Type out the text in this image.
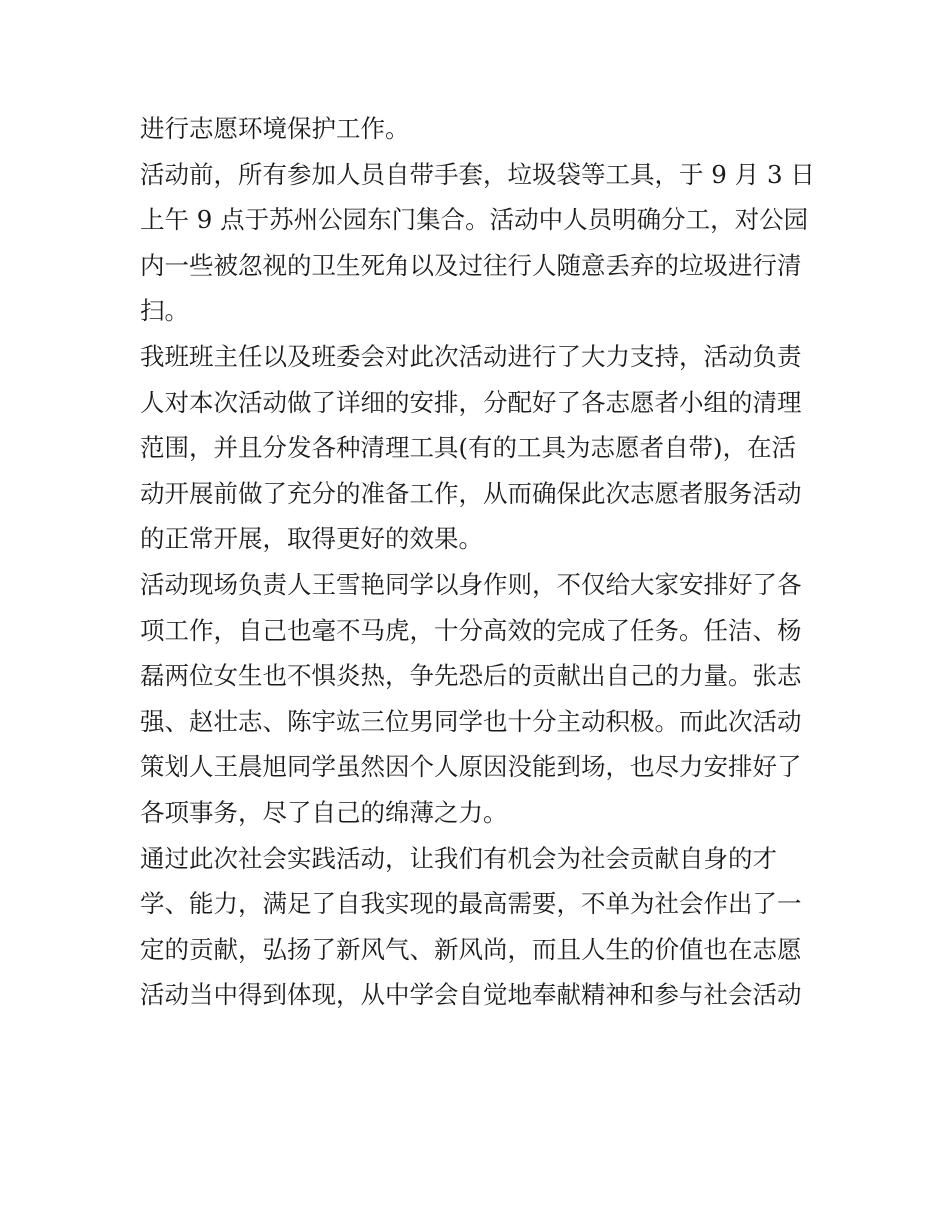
进行志愿环境保护工作。
活动前，所有参加人员自带手套，垃圾袋等工具，于 9 月 3 日
上午 9 点于苏州公园东门集合。活动中人员明确分工，对公园
内一些被忽视的卫生死角以及过往行人随意丢弃的垃圾进行清
扫。
我班班主任以及班委会对此次活动进行了大力支持，活动负责
人对本次活动做了详细的安排，分配好了各志愿者小组的清理
范围，并且分发各种清理工具(有的工具为志愿者自带)，在活
动开展前做了充分的准备工作，从而确保此次志愿者服务活动
的正常开展，取得更好的效果。
活动现场负责人王雪艳同学以身作则，不仅给大家安排好了各
项工作，自己也毫不马虎，十分高效的完成了任务。任洁、杨
磊两位女生也不惧炎热，争先恐后的贡献出自己的力量。张志
强、赵壮志、陈宇竑三位男同学也十分主动积极。而此次活动
策划人王晨旭同学虽然因个人原因没能到场，也尽力安排好了
各项事务，尽了自己的绵薄之力。
通过此次社会实践活动，让我们有机会为社会贡献自身的才
学、能力，满足了自我实现的最高需要，不单为社会作出了一
定的贡献，弘扬了新风气、新风尚，而且人生的价值也在志愿
活动当中得到体现，从中学会自觉地奉献精神和参与社会活动
